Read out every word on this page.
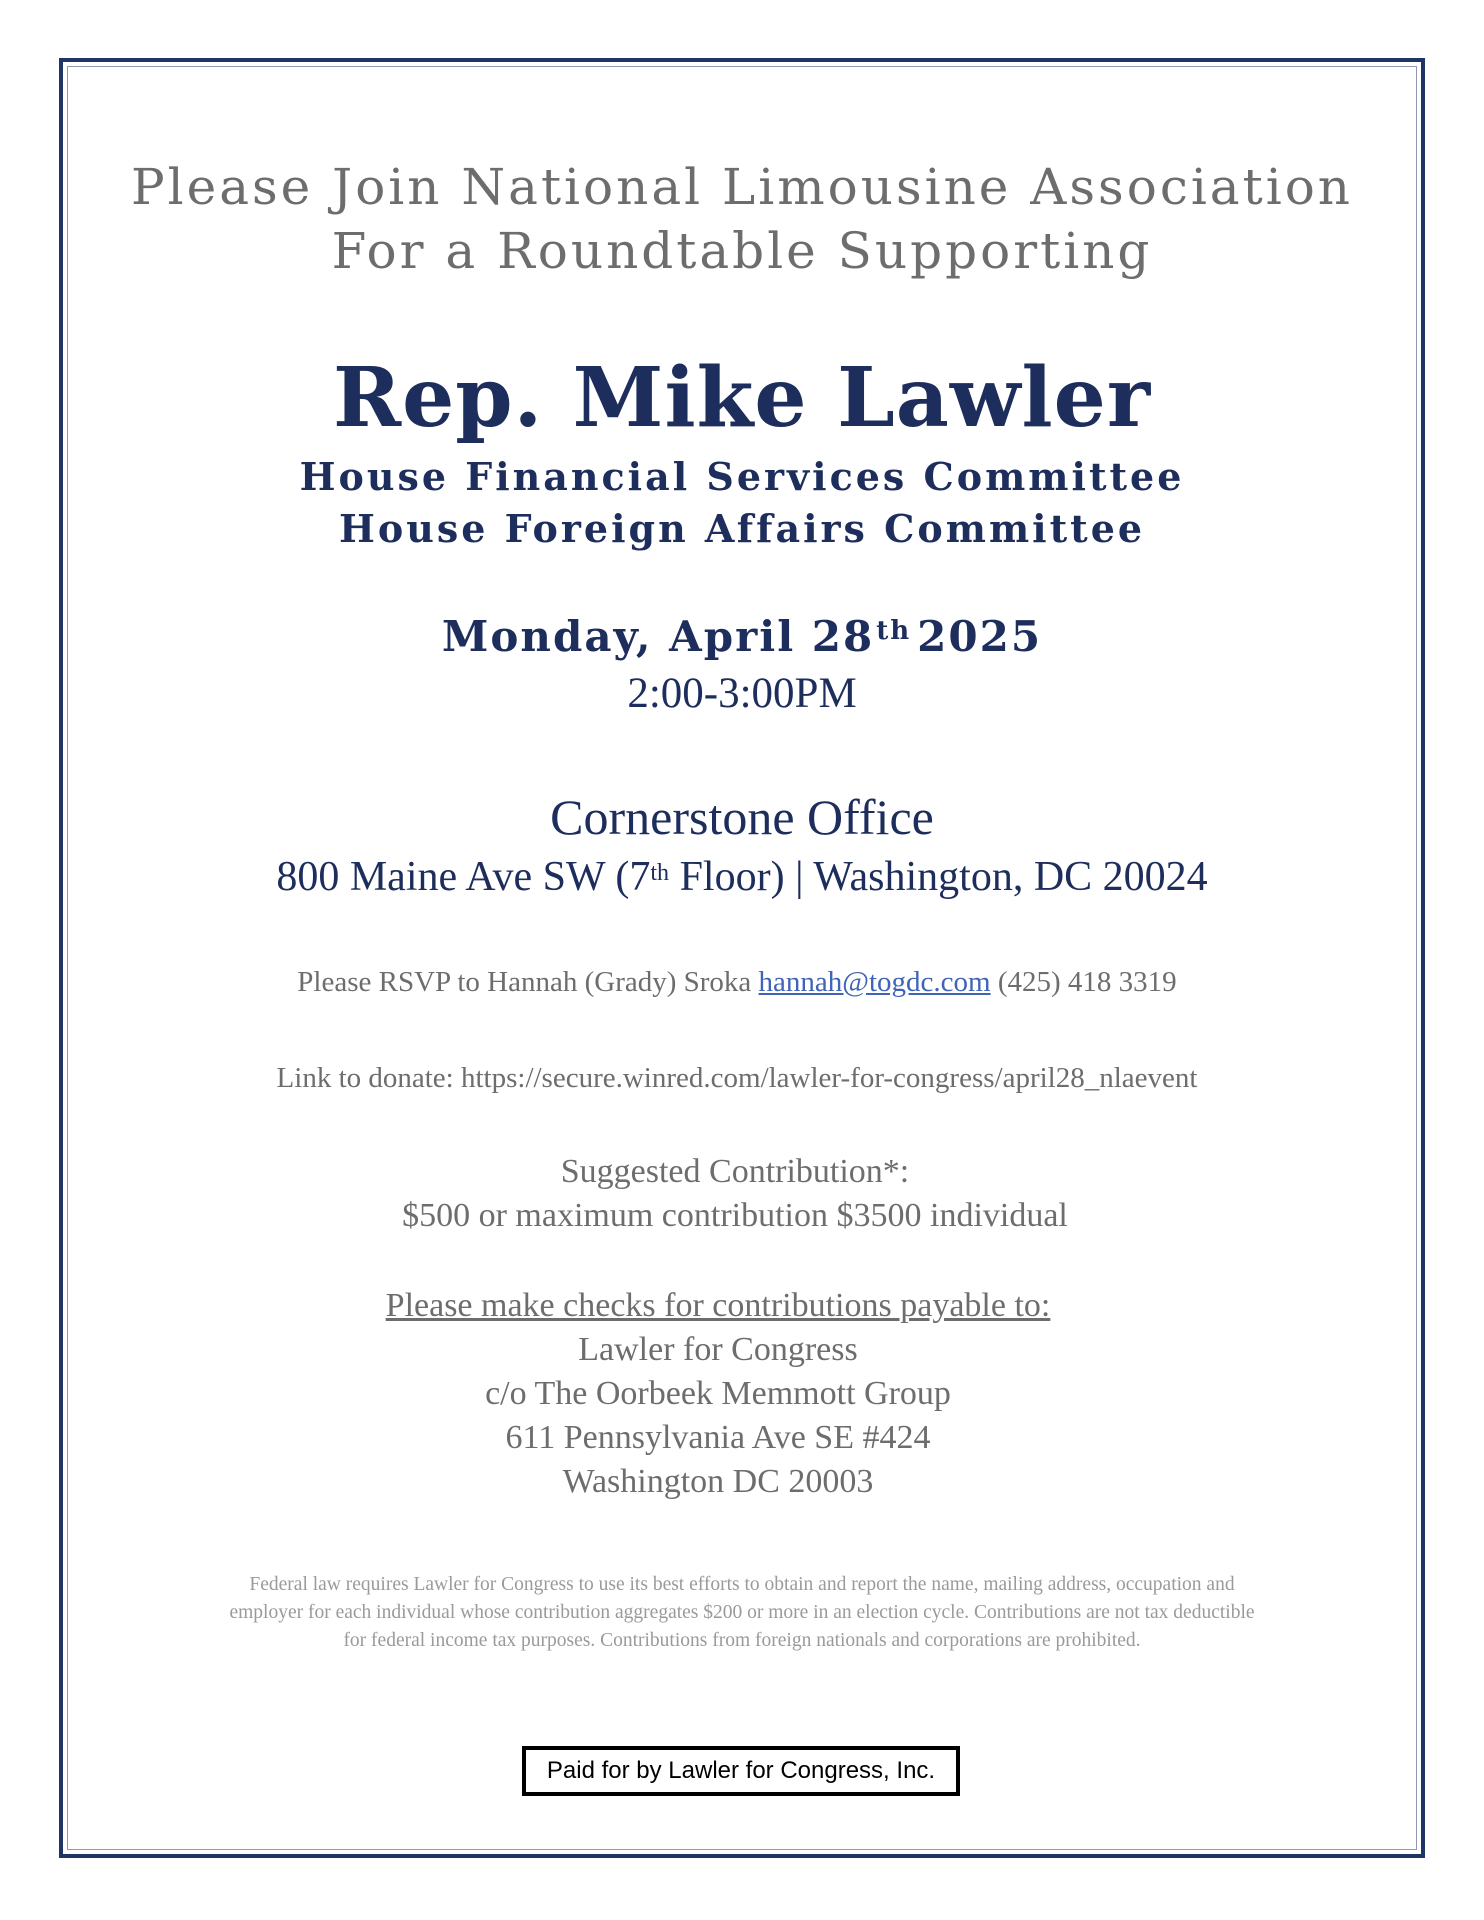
Please Join National Limousine Association
For a Roundtable Supporting
Rep. Mike Lawler
House Financial Services Committee
House Foreign Affairs Committee
Monday, April 28th 2025
2:00-3:00PM
Cornerstone Office
800 Maine Ave SW (7th Floor) | Washington, DC 20024
Please RSVP to Hannah (Grady) Sroka hannah@togdc.com (425) 418 3319
Link to donate: https://secure.winred.com/lawler-for-congress/april28_nlaevent
Suggested Contribution*:
$500 or maximum contribution $3500 individual
Please make checks for contributions payable to:
Lawler for Congress
c/o The Oorbeek Memmott Group
611 Pennsylvania Ave SE #424
Washington DC 20003
Federal law requires Lawler for Congress to use its best efforts to obtain and report the name, mailing address, occupation and
employer for each individual whose contribution aggregates $200 or more in an election cycle. Contributions are not tax deductible
for federal income tax purposes. Contributions from foreign nationals and corporations are prohibited.
Paid for by Lawler for Congress, Inc.
